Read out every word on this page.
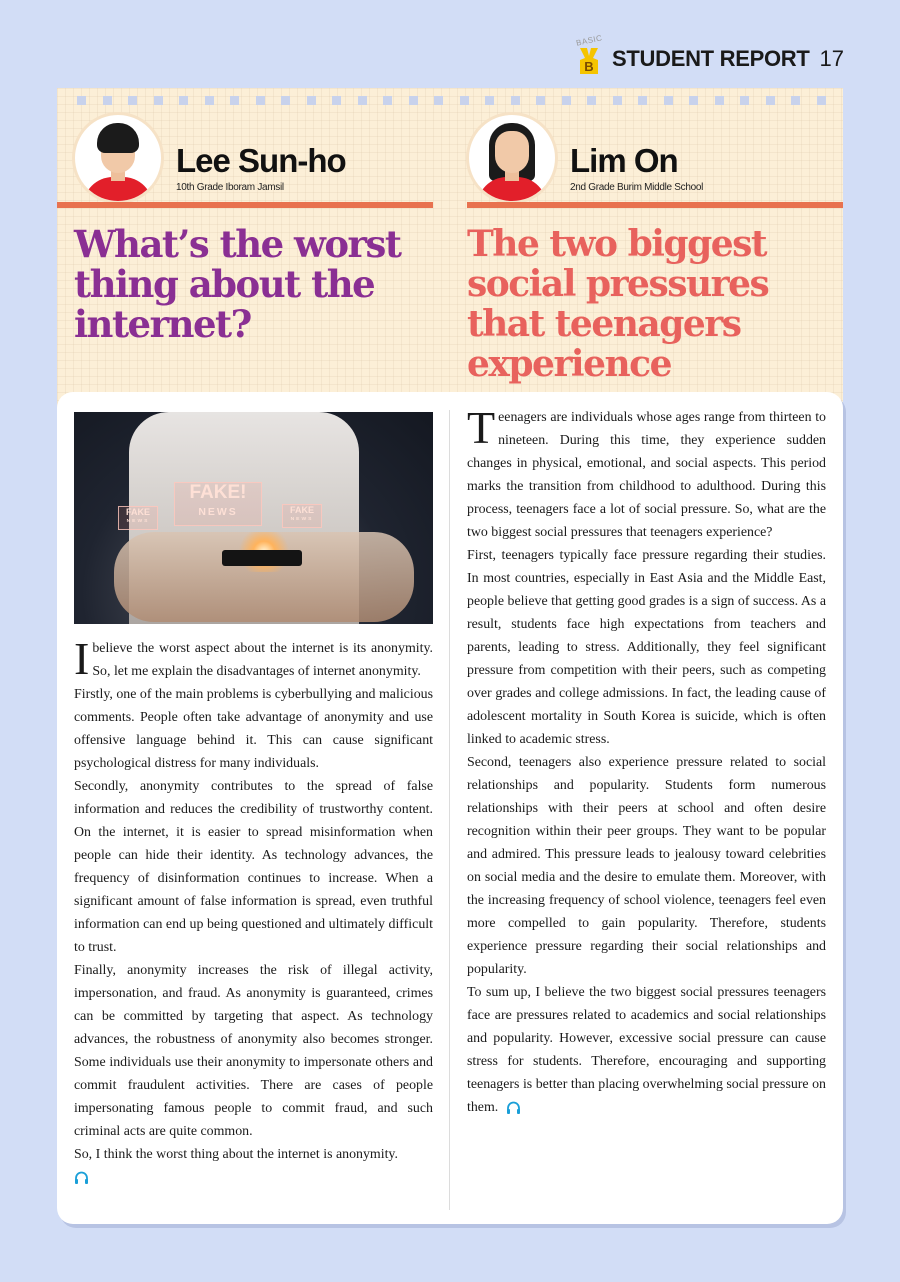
BASIC
B STUDENT REPORT 17
Lee Sun-ho
10th Grade Iboram Jamsil
Lim On
2nd Grade Burim Middle School
What’s the worst thing about the internet?
The two biggest social pressures that teenagers experience
FAKE!
NEWS
FAKE
NEWS
FAKE
NEWS

Ibelieve the worst aspect about the internet is its anonymity. So, let me explain the disadvantages of internet anonymity.

Firstly, one of the main problems is cyberbullying and malicious comments. People often take advantage of anonymity and use offensive language behind it. This can cause significant psychological distress for many individuals.

Secondly, anonymity contributes to the spread of false information and reduces the credibility of trustworthy content. On the internet, it is easier to spread misinformation when people can hide their identity. As technology advances, the frequency of disinformation continues to increase. When a significant amount of false information is spread, even truthful information can end up being questioned and ultimately difficult to trust.

Finally, anonymity increases the risk of illegal activity, impersonation, and fraud. As anonymity is guaranteed, crimes can be committed by targeting that aspect. As technology advances, the robustness of anonymity also becomes stronger. Some individuals use their anonymity to impersonate others and commit fraudulent activities. There are cases of people impersonating famous people to commit fraud, and such criminal acts are quite common.

So, I think the worst thing about the internet is anonymity.

Teenagers are individuals whose ages range from thirteen to nineteen. During this time, they experience sudden changes in physical, emotional, and social aspects. This period marks the transition from childhood to adulthood. During this process, teenagers face a lot of social pressure. So, what are the two biggest social pressures that teenagers experience?

First, teenagers typically face pressure regarding their studies. In most countries, especially in East Asia and the Middle East, people believe that getting good grades is a sign of success. As a result, students face high expectations from teachers and parents, leading to stress. Additionally, they feel significant pressure from competition with their peers, such as competing over grades and college admissions. In fact, the leading cause of adolescent mortality in South Korea is suicide, which is often linked to academic stress.

Second, teenagers also experience pressure related to social relationships and popularity. Students form numerous relationships with their peers at school and often desire recognition within their peer groups. They want to be popular and admired. This pressure leads to jealousy toward celebrities on social media and the desire to emulate them. Moreover, with the increasing frequency of school violence, teenagers feel even more compelled to gain popularity. Therefore, students experience pressure regarding their social relationships and popularity.

To sum up, I believe the two biggest social pressures teenagers face are pressures related to academics and social relationships and popularity. However, excessive social pressure can cause stress for students. Therefore, encouraging and supporting teenagers is better than placing overwhelming social pressure on them.
